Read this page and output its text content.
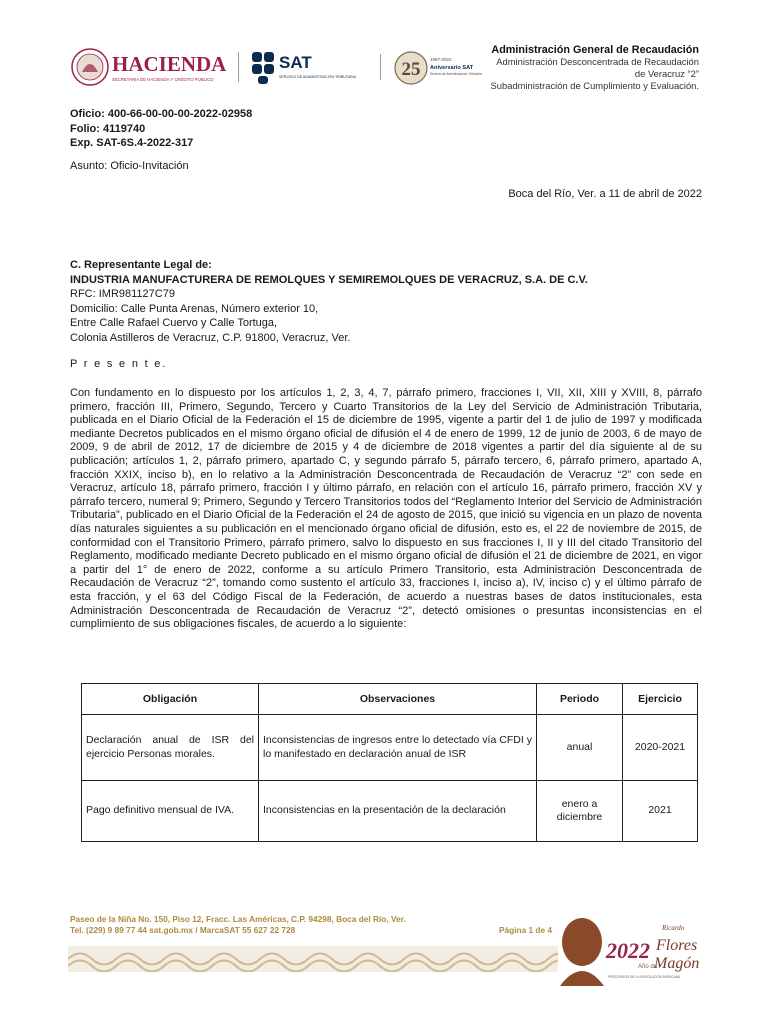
HACIENDA
SECRETARÍA DE HACIENDA Y CRÉDITO PÚBLICO
SAT
SERVICIO DE ADMINISTRACIÓN TRIBUTARIA 25 1997-2022
Aniversario SAT
Servicio de Administración Tributaria
Administración General de Recaudación
Administración Desconcentrada de Recaudación
de Veracruz “2”
Subadministración de Cumplimiento y Evaluación.
Oficio: 400-66-00-00-00-2022-02958
Folio: 4119740
Exp. SAT-6S.4-2022-317
Asunto: Oficio-Invitación
Boca del Río, Ver. a 11 de abril de 2022
C. Representante Legal de:
INDUSTRIA MANUFACTURERA DE REMOLQUES Y SEMIREMOLQUES DE VERACRUZ, S.A. DE C.V.
RFC: IMR981127C79
Domicilio: Calle Punta Arenas, Número exterior 10,
Entre Calle Rafael Cuervo y Calle Tortuga,
Colonia Astilleros de Veracruz, C.P. 91800, Veracruz, Ver.
P r e s e n t e.
Con fundamento en lo dispuesto por los artículos 1, 2, 3, 4, 7, párrafo primero, fracciones I, VII, XII, XIII y XVIII, 8, párrafo primero, fracción III, Primero, Segundo, Tercero y Cuarto Transitorios de la Ley del Servicio de Administración Tributaria, publicada en el Diario Oficial de la Federación el 15 de diciembre de 1995, vigente a partir del 1 de julio de 1997 y modificada mediante Decretos publicados en el mismo órgano oficial de difusión el 4 de enero de 1999, 12 de junio de 2003, 6 de mayo de 2009, 9 de abril de 2012, 17 de diciembre de 2015 y 4 de diciembre de 2018 vigentes a partir del día siguiente al de su publicación; artículos 1, 2, párrafo primero, apartado C, y segundo párrafo 5, párrafo tercero, 6, párrafo primero, apartado A, fracción XXIX, inciso b), en lo relativo a la Administración Desconcentrada de Recaudación de Veracruz “2” con sede en Veracruz, artículo 18, párrafo primero, fracción I y último párrafo, en relación con el artículo 16, párrafo primero, fracción XV y párrafo tercero, numeral 9; Primero, Segundo y Tercero Transitorios todos del “Reglamento Interior del Servicio de Administración Tributaria”, publicado en el Diario Oficial de la Federación el 24 de agosto de 2015, que inició su vigencia en un plazo de noventa días naturales siguientes a su publicación en el mencionado órgano oficial de difusión, esto es, el 22 de noviembre de 2015, de conformidad con el Transitorio Primero, párrafo primero, salvo lo dispuesto en sus fracciones I, II y III del citado Transitorio del Reglamento, modificado mediante Decreto publicado en el mismo órgano oficial de difusión el 21 de diciembre de 2021, en vigor a partir del 1° de enero de 2022, conforme a su artículo Primero Transitorio, esta Administración Desconcentrada de Recaudación de Veracruz “2”, tomando como sustento el artículo 33, fracciones I, inciso a), IV, inciso c) y el último párrafo de esta fracción, y el 63 del Código Fiscal de la Federación, de acuerdo a nuestras bases de datos institucionales, esta Administración Desconcentrada de Recaudación de Veracruz “2”, detectó omisiones o presuntas inconsistencias en el cumplimiento de sus obligaciones fiscales, de acuerdo a lo siguiente:
Obligación	Observaciones	Periodo	Ejercicio
Declaración anual de ISR del ejercicio Personas morales.	Inconsistencias de ingresos entre lo detectado vía CFDI y lo manifestado en declaración anual de ISR	anual	2020-2021
Pago definitivo mensual de IVA.	Inconsistencias en la presentación de la declaración	enero a diciembre	2021
Paseo de la Niña No. 150, Piso 12, Fracc. Las Américas, C.P. 94298, Boca del Río, Ver.
Tel. (229) 9 89 77 44 sat.gob.mx / MarcaSAT 55 627 22 728	Página 1 de 4
2022
Año de
Ricardo
Flores
Magón
PRECURSOR DE LA REVOLUCIÓN MEXICANA
